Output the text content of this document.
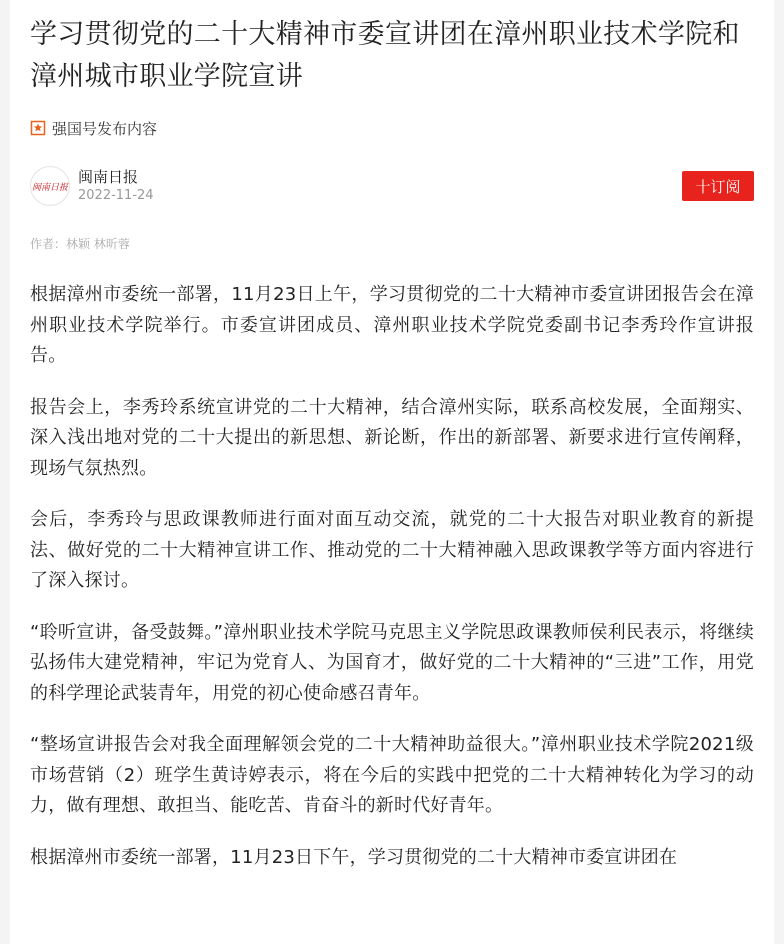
学习贯彻党的二十大精神市委宣讲团在漳州职业技术学院和漳州城市职业学院宣讲
强国号发布内容
闽南日报
闽南日报
2022-11-24	十订阅
作者：林颖 林昕蓉

根据漳州市委统一部署，11月23日上午，学习贯彻党的二十大精神市委宣讲团报告会在漳州职业技术学院举行。市委宣讲团成员、漳州职业技术学院党委副书记李秀玲作宣讲报告。

报告会上，李秀玲系统宣讲党的二十大精神，结合漳州实际，联系高校发展，全面翔实、深入浅出地对党的二十大提出的新思想、新论断，作出的新部署、新要求进行宣传阐释，现场气氛热烈。

会后，李秀玲与思政课教师进行面对面互动交流，就党的二十大报告对职业教育的新提法、做好党的二十大精神宣讲工作、推动党的二十大精神融入思政课教学等方面内容进行了深入探讨。

“聆听宣讲，备受鼓舞。”漳州职业技术学院马克思主义学院思政课教师侯利民表示，将继续弘扬伟大建党精神，牢记为党育人、为国育才，做好党的二十大精神的“三进”工作，用党的科学理论武装青年，用党的初心使命感召青年。

“整场宣讲报告会对我全面理解领会党的二十大精神助益很大。”漳州职业技术学院2021级市场营销（2）班学生黄诗婷表示，将在今后的实践中把党的二十大精神转化为学习的动力，做有理想、敢担当、能吃苦、肯奋斗的新时代好青年。

根据漳州市委统一部署，11月23日下午，学习贯彻党的二十大精神市委宣讲团在
